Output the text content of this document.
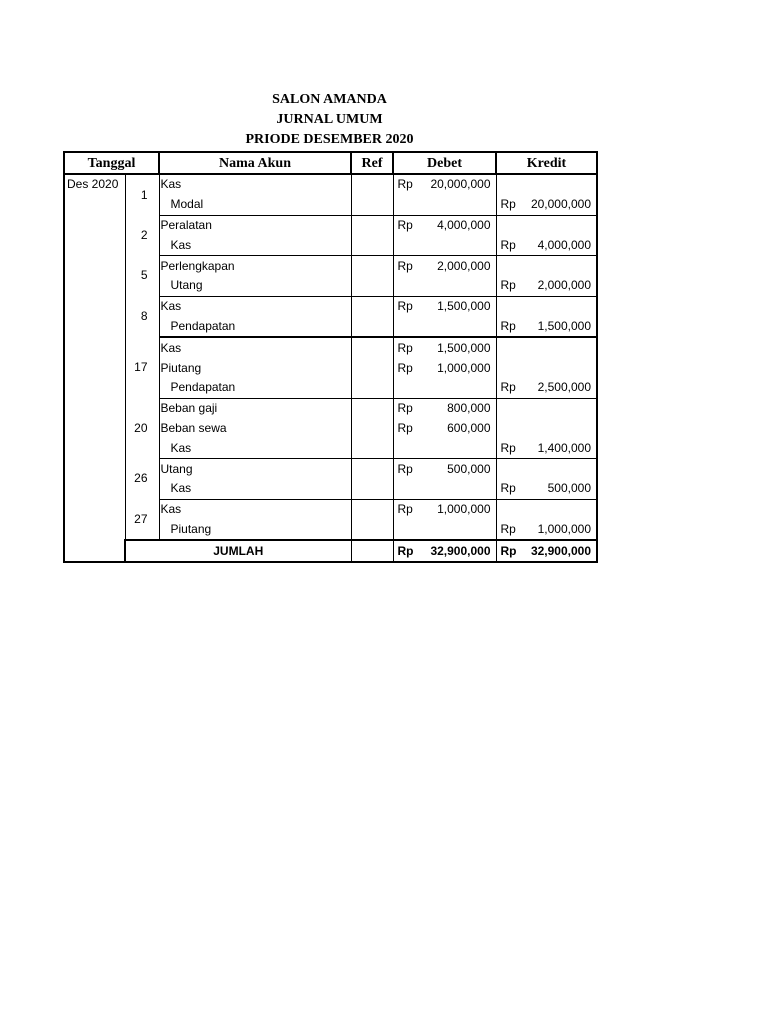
SALON AMANDA
JURNAL UMUM
PRIODE DESEMBER 2020
Tanggal		Nama Akun	Ref	Debet		Kredit	
Des 2020	1	Kas		Rp	20,000,000		
		Modal				Rp	20,000,000
	2	Peralatan		Rp	4,000,000		
		Kas				Rp	4,000,000
	5	Perlengkapan		Rp	2,000,000		
		Utang				Rp	2,000,000
	8	Kas		Rp	1,500,000		
		Pendapatan				Rp	1,500,000
	17	Kas		Rp	1,500,000		
		Piutang		Rp	1,000,000		
		Pendapatan				Rp	2,500,000
	20	Beban gaji		Rp	800,000		
		Beban sewa		Rp	600,000		
		Kas				Rp	1,400,000
	26	Utang		Rp	500,000		
		Kas				Rp	500,000
	27	Kas		Rp	1,000,000		
		Piutang				Rp	1,000,000
	JUMLAH			Rp	32,900,000	Rp	32,900,000
